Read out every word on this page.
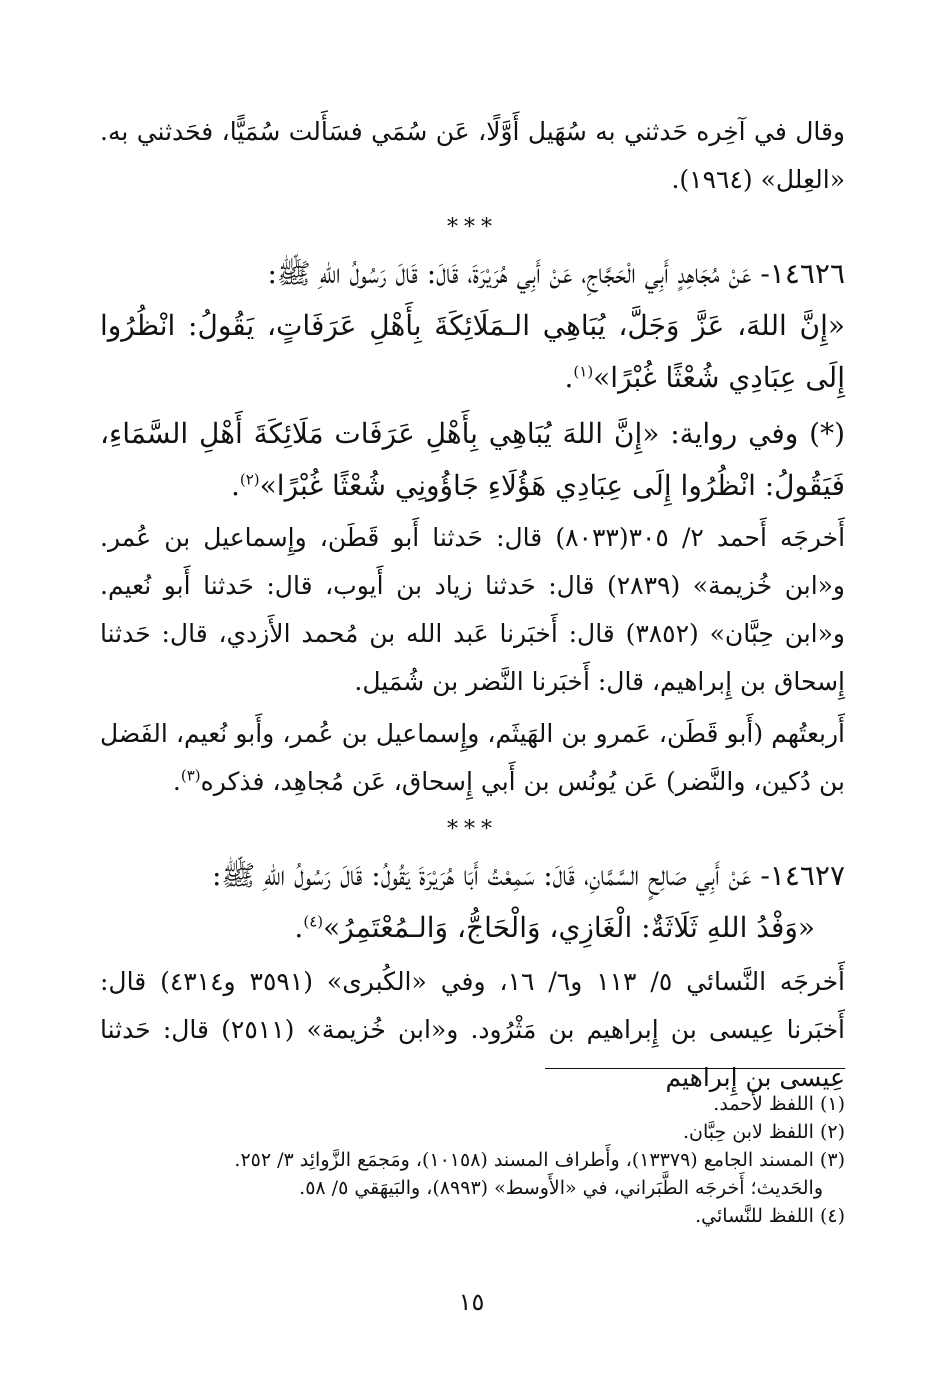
وقال في آخِره حَدثني به سُهَيل أَوَّلًا، عَن سُمَي فسَأَلت سُمَيًّا، فحَدثني به. «العِلل» (١٩٦٤).

***

١٤٦٢٦- عَنْ مُجَاهِدٍ أَبِي الْحَجَّاجِ، عَنْ أَبِي هُرَيْرَةَ، قَالَ: قَالَ رَسُولُ اللهِ ﷺ:

«إِنَّ اللهَ، عَزَّ وَجَلَّ، يُبَاهِي الـمَلَائِكَةَ بِأَهْلِ عَرَفَاتٍ، يَقُولُ: انْظُرُوا إِلَى عِبَادِي شُعْثًا غُبْرًا»$^{(١)}$.

(*) وفي رواية: «إِنَّ اللهَ يُبَاهِي بِأَهْلِ عَرَفَات مَلَائِكَةَ أَهْلِ السَّمَاءِ، فَيَقُولُ: انْظُرُوا إِلَى عِبَادِي هَؤُلَاءِ جَاؤُونِي شُعْثًا غُبْرًا»$^{(٢)}$.

أَخرجَه أَحمد ٢/ ٣٠٥(٨٠٣٣) قال: حَدثنا أَبو قَطَن، وإِسماعيل بن عُمر. و«ابن خُزيمة» (٢٨٣٩) قال: حَدثنا زياد بن أَيوب، قال: حَدثنا أَبو نُعيم. و«ابن حِبَّان» (٣٨٥٢) قال: أَخبَرنا عَبد الله بن مُحمد الأَزدي، قال: حَدثنا إِسحاق بن إِبراهيم، قال: أَخبَرنا النَّضر بن شُمَيل.

أَربعتُهم (أَبو قَطَن، عَمرو بن الهَيثَم، وإِسماعيل بن عُمر، وأَبو نُعيم، الفَضل بن دُكين، والنَّضر) عَن يُونُس بن أَبي إِسحاق، عَن مُجاهِد، فذكره$^{(٣)}$.

***

١٤٦٢٧- عَنْ أَبِي صَالِحٍ السَّمَّانِ، قَالَ: سَمِعْتُ أَبَا هُرَيْرَةَ يَقُولُ: قَالَ رَسُولُ اللهِ ﷺ:

«وَفْدُ اللهِ ثَلَاثَةٌ: الْغَازِي، وَالْحَاجُّ، وَالـمُعْتَمِرُ»$^{(٤)}$.

أَخرجَه النَّسائي ٥/ ١١٣ و٦/ ١٦، وفي «الكُبرى» (٣٥٩١ و٤٣١٤) قال: أَخبَرنا عِيسى بن إِبراهيم بن مَثْرُود. و«ابن خُزيمة» (٢٥١١) قال: حَدثنا عِيسى بن إِبراهيم

(١) اللفظ لأَحمد.

(٢) اللفظ لابن حِبَّان.

(٣) المسند الجامع (١٣٣٧٩)، وأَطراف المسند (١٠١٥٨)، ومَجمَع الزَّوائِد ٣/ ٢٥٢.

والحَديث؛ أَخرجَه الطَّبَراني، في «الأَوسط» (٨٩٩٣)، والبَيهَقي ٥/ ٥٨.

(٤) اللفظ للنَّسائي.

١٥
